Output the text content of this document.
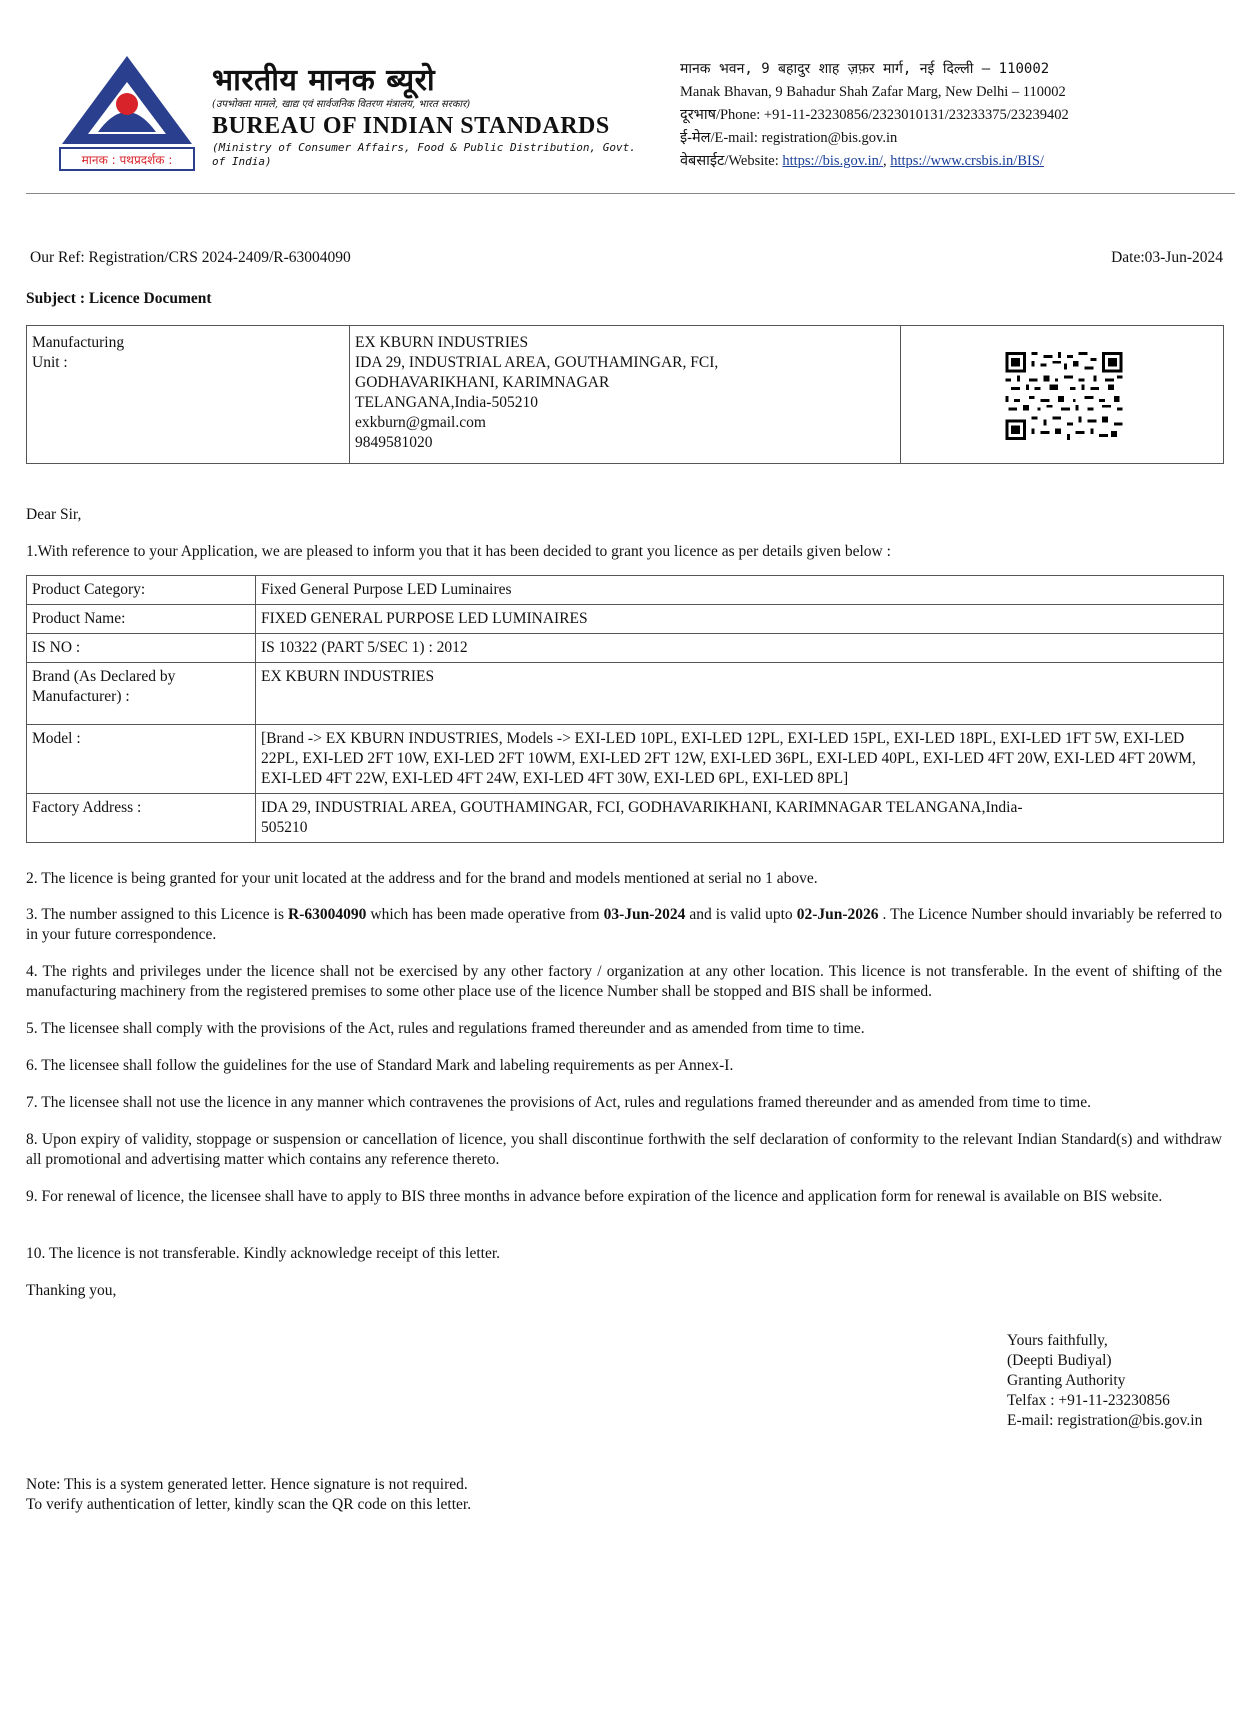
मानक : पथप्रदर्शक :
भारतीय मानक ब्यूरो
(उपभोक्ता मामले, खाद्य एवं सार्वजनिक वितरण मंत्रालय, भारत सरकार)
BUREAU OF INDIAN STANDARDS
(Ministry of Consumer Affairs, Food & Public Distribution, Govt. of India)
मानक भवन, 9 बहादुर शाह ज़फ़र मार्ग, नई दिल्ली – 110002
Manak Bhavan, 9 Bahadur Shah Zafar Marg, New Delhi – 110002
दूरभाष/Phone: +91-11-23230856/2323010131/23233375/23239402
ई-मेल/E-mail: registration@bis.gov.in
वेबसाईट/Website: https://bis.gov.in/, https://www.crsbis.in/BIS/
Our Ref: Registration/CRS 2024-2409/R-63004090	Date:03-Jun-2024
Subject : Licence Document
Manufacturing Unit :
EX KBURN INDUSTRIES
IDA 29, INDUSTRIAL AREA, GOUTHAMINGAR, FCI,
GODHAVARIKHANI, KARIMNAGAR
TELANGANA,India-505210
exkburn@gmail.com
9849581020
Dear Sir,
1.With reference to your Application, we are pleased to inform you that it has been decided to grant you licence as per details given below :
Product Category:	Fixed General Purpose LED Luminaires
Product Name:	FIXED GENERAL PURPOSE LED LUMINAIRES
IS NO :	IS 10322 (PART 5/SEC 1) : 2012
Brand (As Declared by Manufacturer) :	EX KBURN INDUSTRIES
Model :	[Brand -> EX KBURN INDUSTRIES, Models -> EXI-LED 10PL, EXI-LED 12PL, EXI-LED 15PL, EXI-LED 18PL, EXI-LED 1FT 5W, EXI-LED 22PL, EXI-LED 2FT 10W, EXI-LED 2FT 10WM, EXI-LED 2FT 12W, EXI-LED 36PL, EXI-LED 40PL, EXI-LED 4FT 20W, EXI-LED 4FT 20WM, EXI-LED 4FT 22W, EXI-LED 4FT 24W, EXI-LED 4FT 30W, EXI-LED 6PL, EXI-LED 8PL]
Factory Address :	IDA 29, INDUSTRIAL AREA, GOUTHAMINGAR, FCI, GODHAVARIKHANI, KARIMNAGAR TELANGANA,India-505210
2. The licence is being granted for your unit located at the address and for the brand and models mentioned at serial no 1 above.
3. The number assigned to this Licence is R-63004090 which has been made operative from 03-Jun-2024 and is valid upto 02-Jun-2026 . The Licence Number should invariably be referred to in your future correspondence.
4. The rights and privileges under the licence shall not be exercised by any other factory / organization at any other location. This licence is not transferable. In the event of shifting of the manufacturing machinery from the registered premises to some other place use of the licence Number shall be stopped and BIS shall be informed.
5. The licensee shall comply with the provisions of the Act, rules and regulations framed thereunder and as amended from time to time.
6. The licensee shall follow the guidelines for the use of Standard Mark and labeling requirements as per Annex-I.
7. The licensee shall not use the licence in any manner which contravenes the provisions of Act, rules and regulations framed thereunder and as amended from time to time.
8. Upon expiry of validity, stoppage or suspension or cancellation of licence, you shall discontinue forthwith the self declaration of conformity to the relevant Indian Standard(s) and withdraw all promotional and advertising matter which contains any reference thereto.
9. For renewal of licence, the licensee shall have to apply to BIS three months in advance before expiration of the licence and application form for renewal is available on BIS website.
10. The licence is not transferable. Kindly acknowledge receipt of this letter.
Thanking you,
Yours faithfully,
(Deepti Budiyal)
Granting Authority
Telfax : +91-11-23230856
E-mail: registration@bis.gov.in
Note: This is a system generated letter. Hence signature is not required.
To verify authentication of letter, kindly scan the QR code on this letter.
